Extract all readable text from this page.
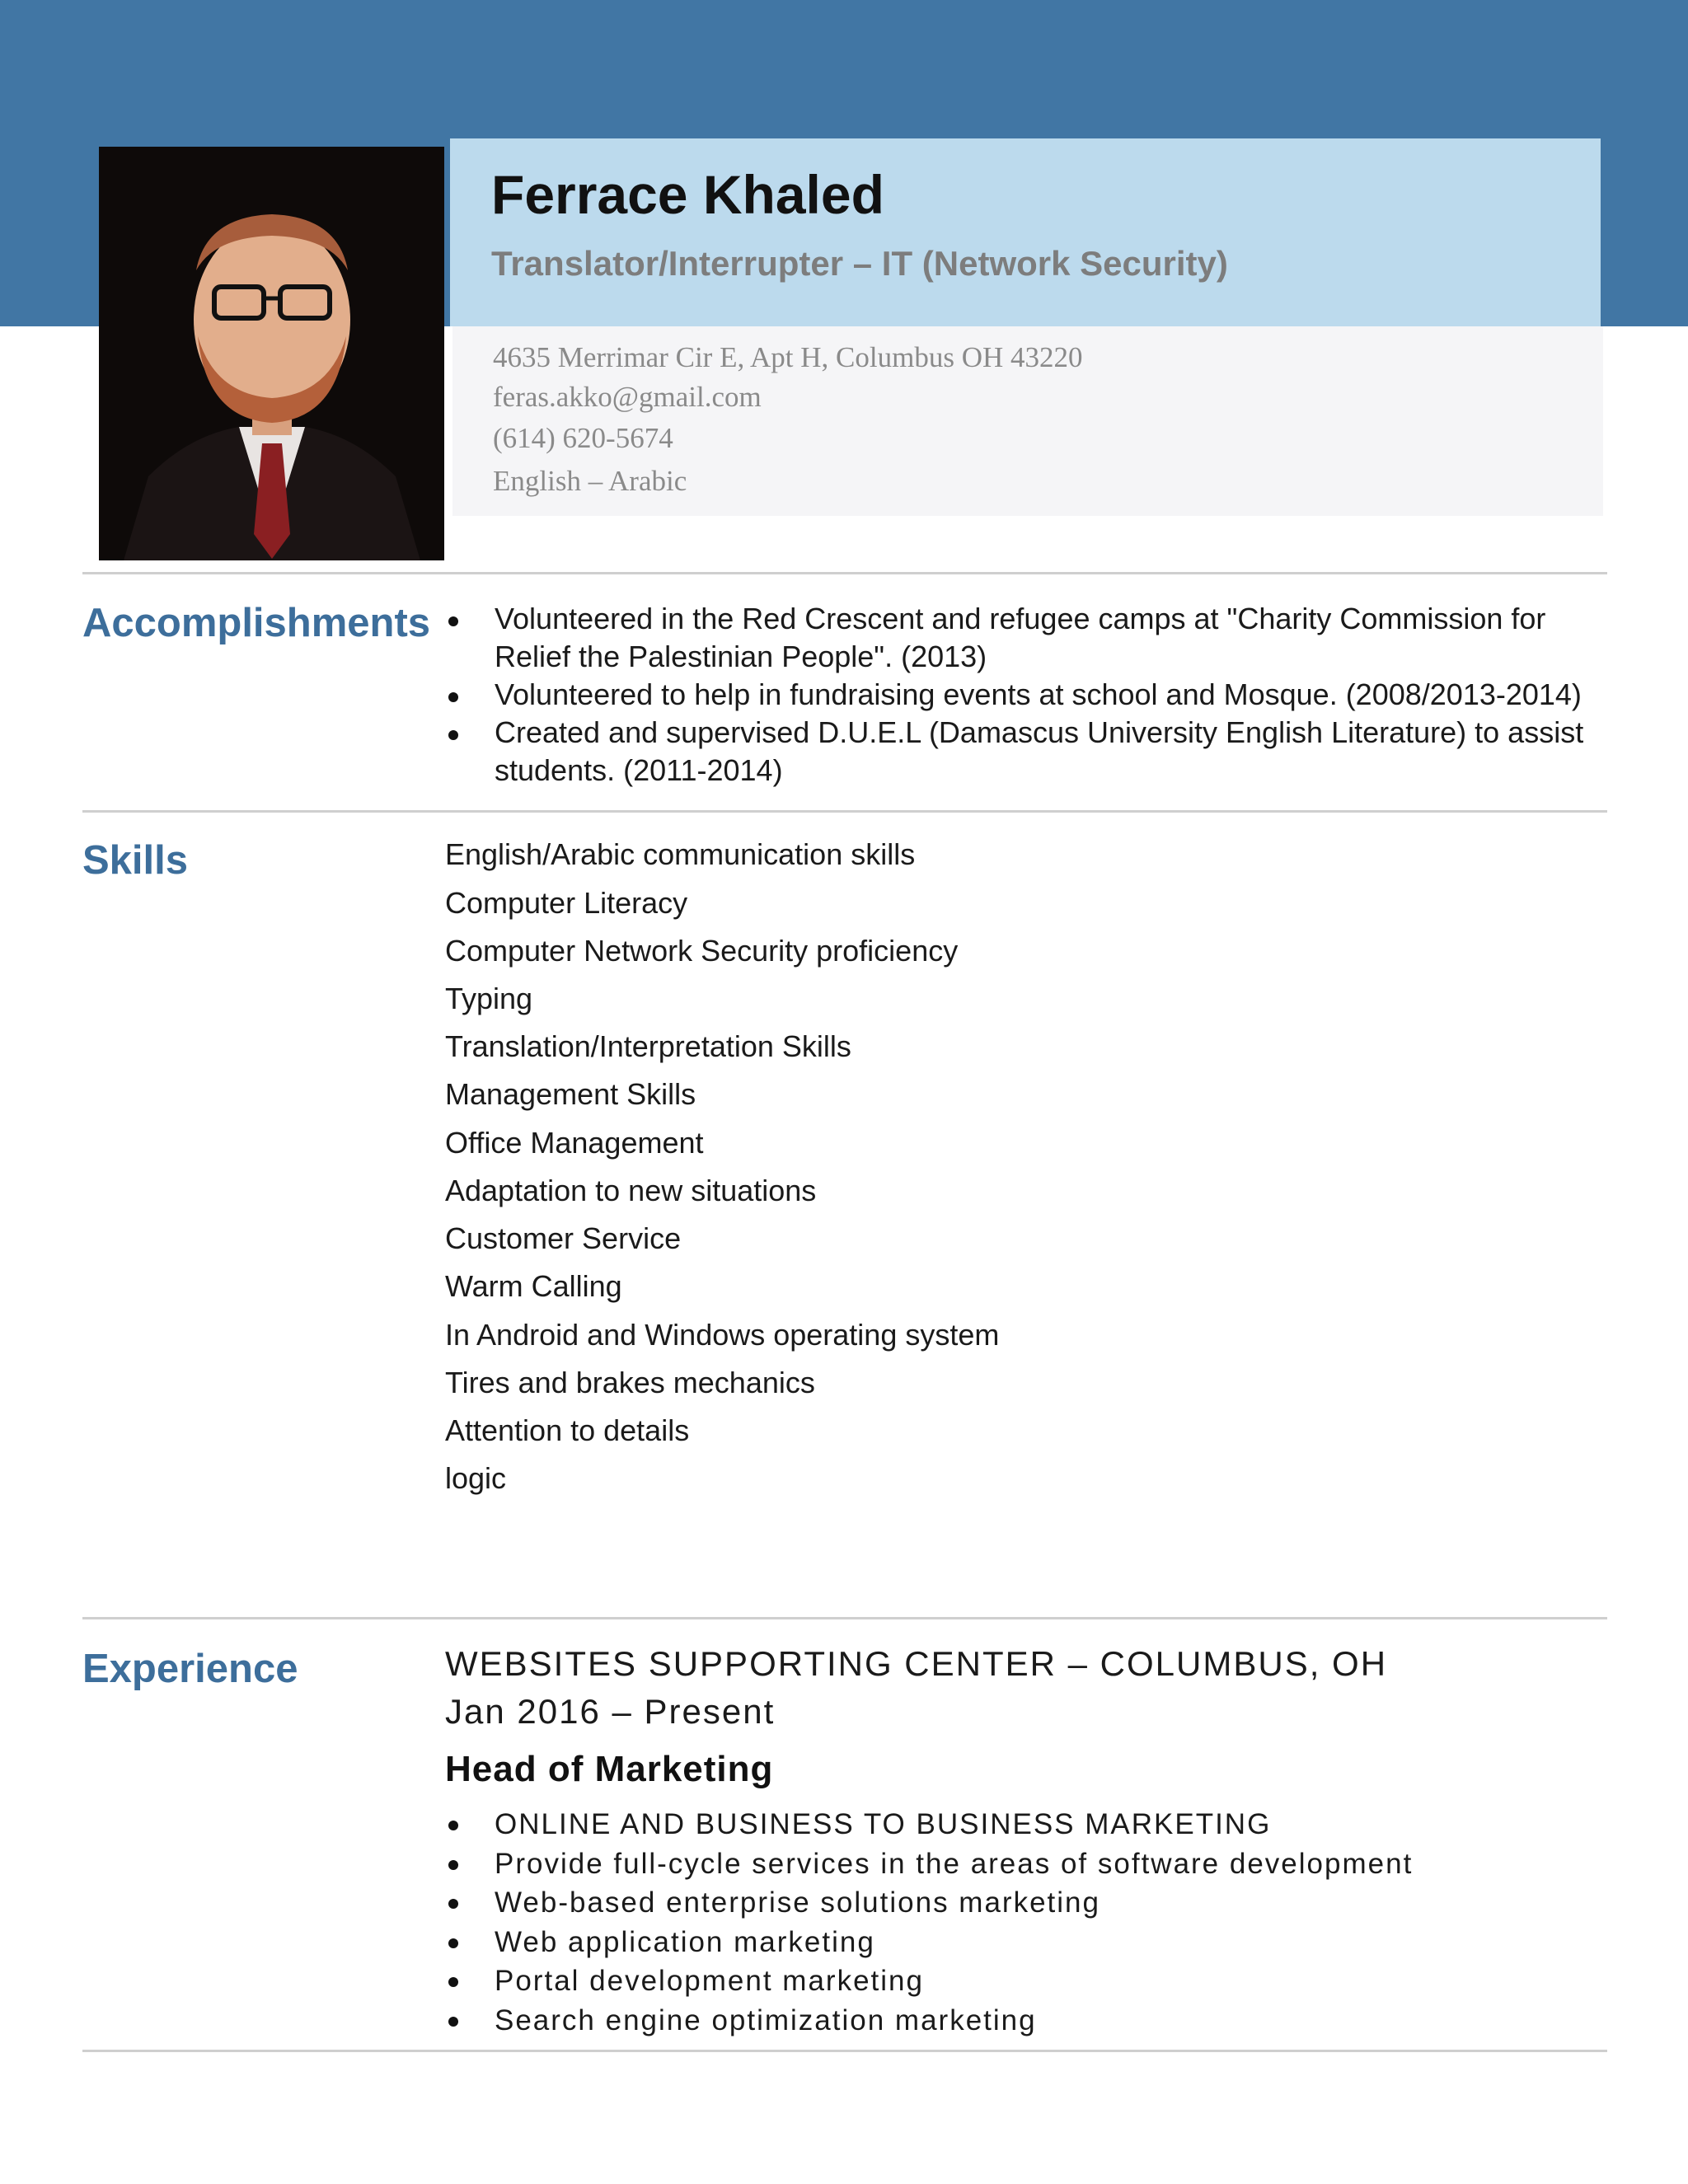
Ferrace Khaled
Translator/Interrupter – IT (Network Security)

4635 Merrimar Cir E, Apt H, Columbus OH 43220

feras.akko@gmail.com

(614) 620-5674

English – Arabic

Accomplishments	Volunteered in the Red Crescent and refugee camps at "Charity Commission for Relief the Palestinian People". (2013)
Volunteered to help in fundraising events at school and Mosque. (2008/2013-2014)
Created and supervised D.U.E.L (Damascus University English Literature) to assist students. (2011-2014)
Skills	English/Arabic communication skills

Computer Literacy

Computer Network Security proficiency

Typing

Translation/Interpretation Skills

Management Skills

Office Management

Adaptation to new situations

Customer Service

Warm Calling

In Android and Windows operating system

Tires and brakes mechanics

Attention to details

logic

Experience	WEBSITES SUPPORTING CENTER – COLUMBUS, OH

Jan 2016 – Present

Head of Marketing

ONLINE AND BUSINESS TO BUSINESS MARKETING
Provide full-cycle services in the areas of software development
Web-based enterprise solutions marketing
Web application marketing
Portal development marketing
Search engine optimization marketing
